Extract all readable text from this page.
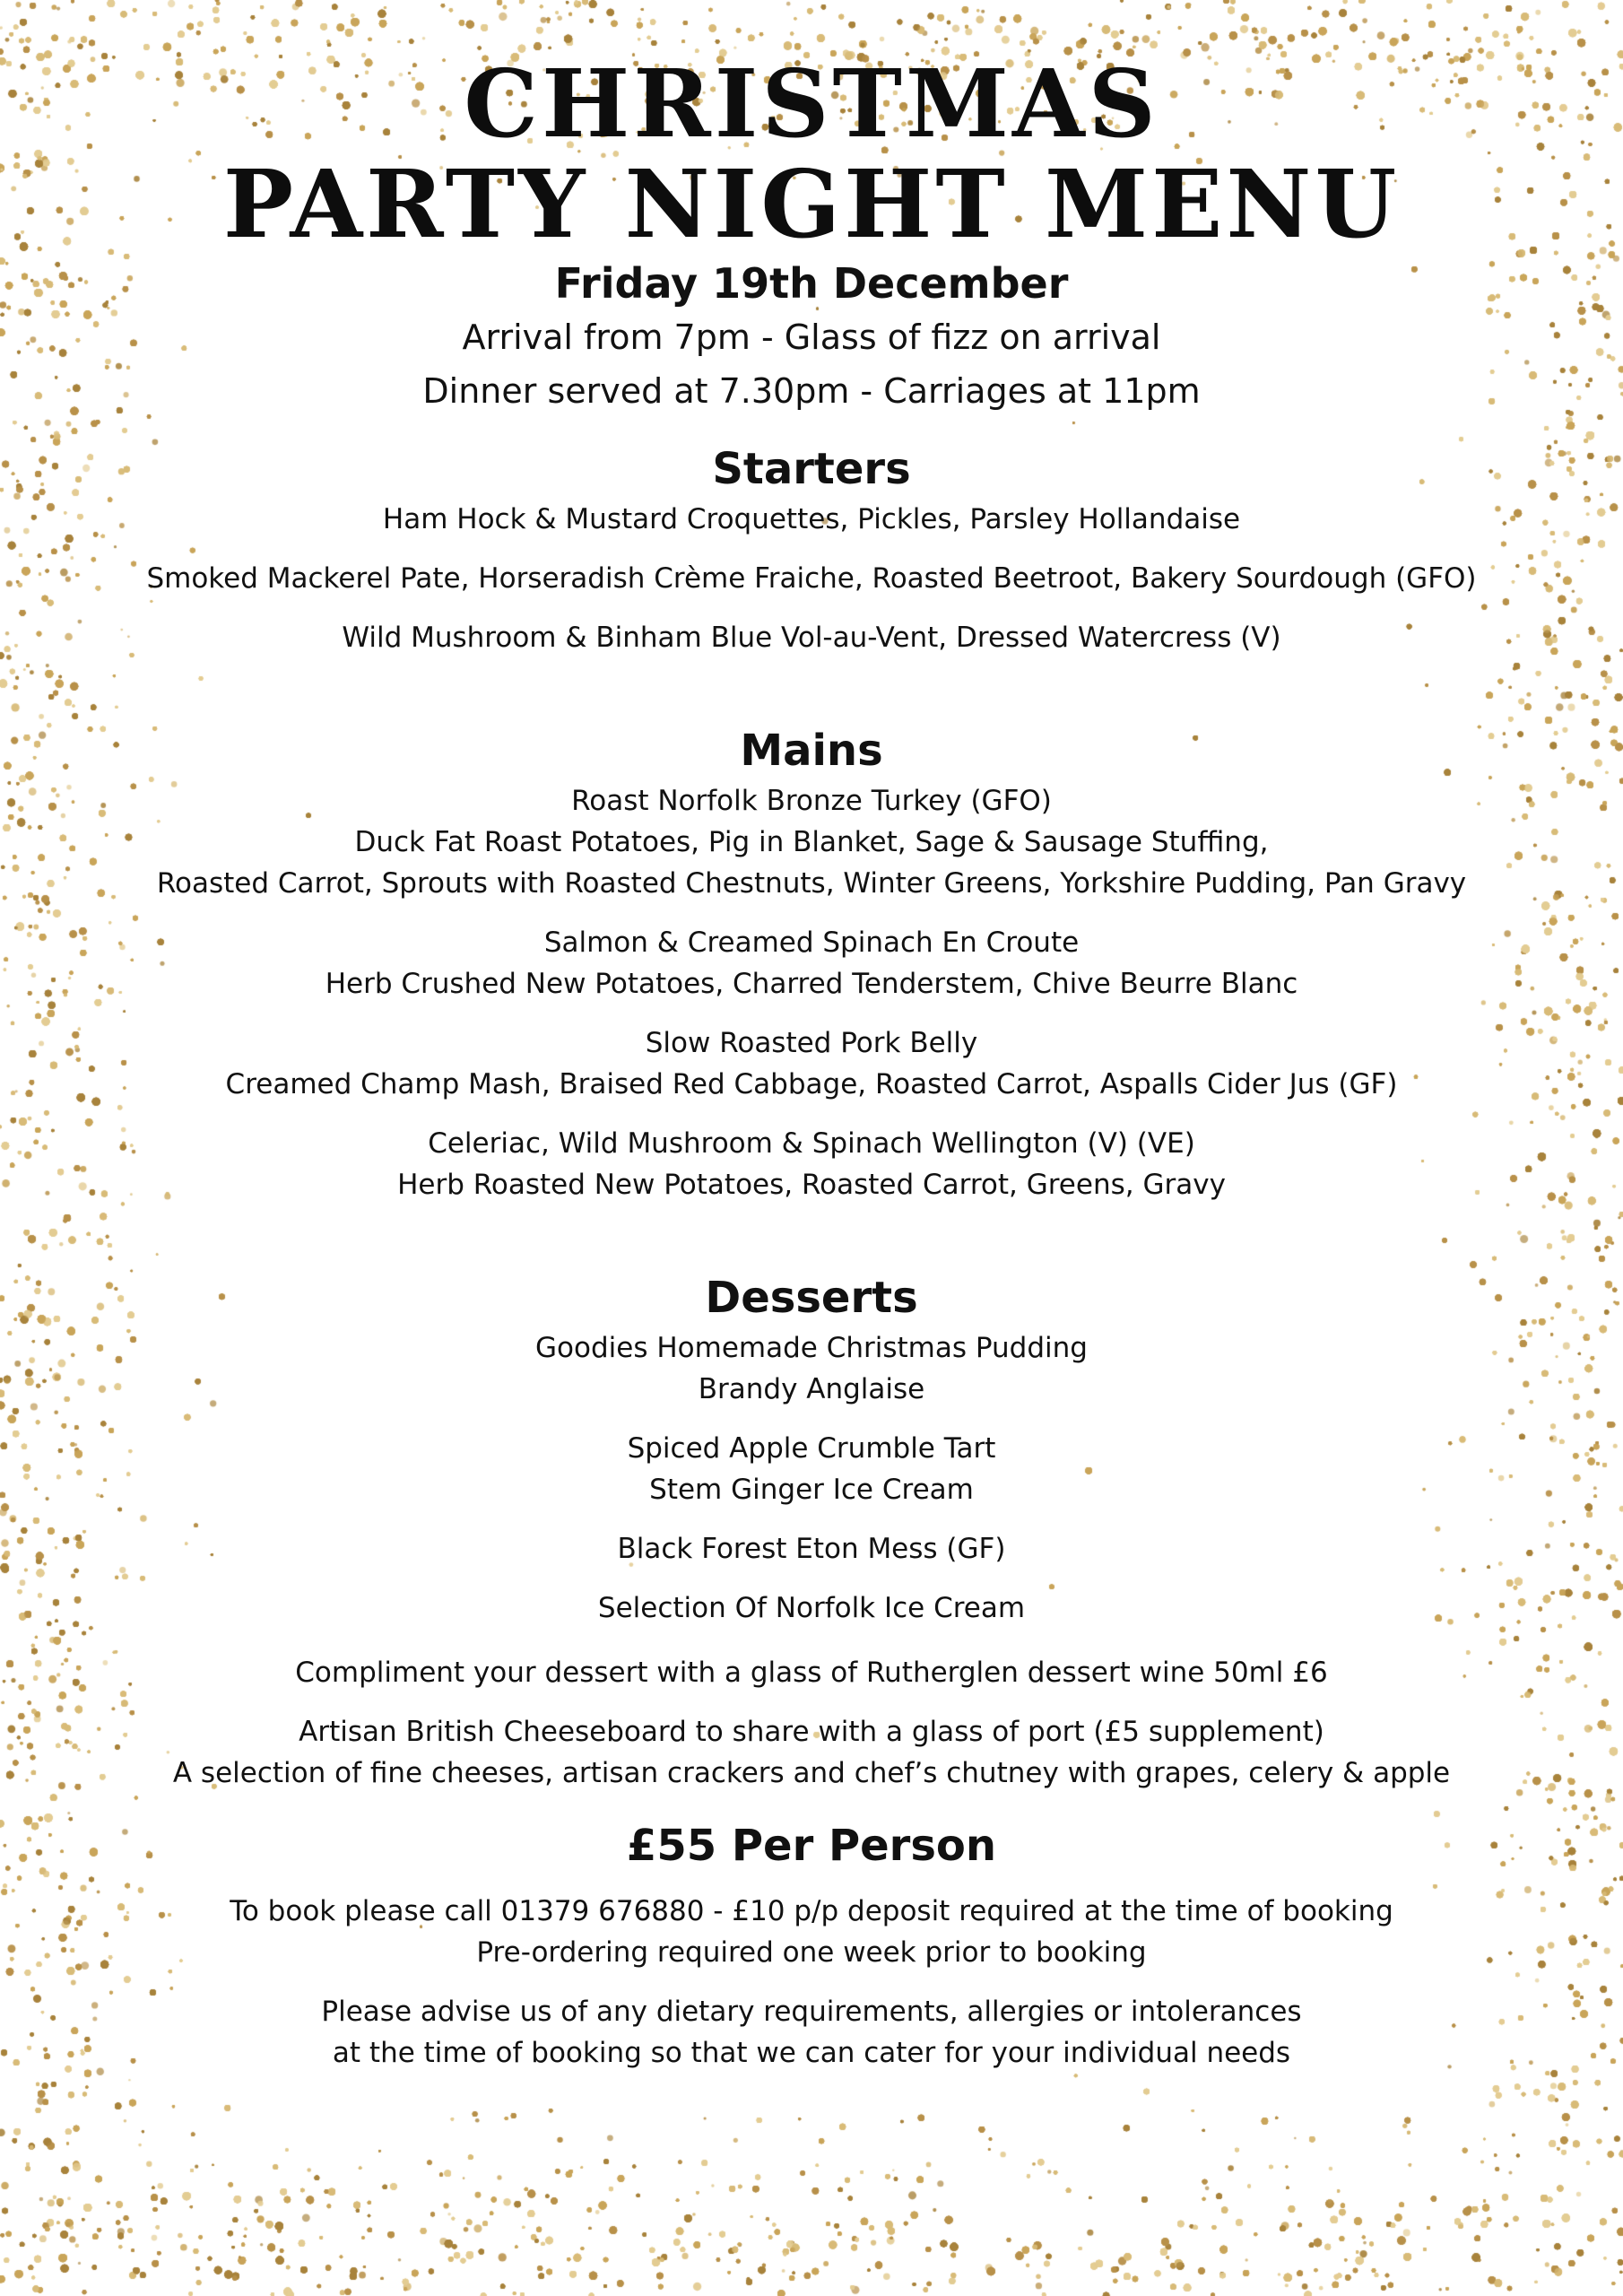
CHRISTMAS
PARTY NIGHT MENU
Friday 19th December
Arrival from 7pm - Glass of fizz on arrival
Dinner served at 7.30pm - Carriages at 11pm
Starters
Ham Hock & Mustard Croquettes, Pickles, Parsley Hollandaise
Smoked Mackerel Pate, Horseradish Crème Fraiche, Roasted Beetroot, Bakery Sourdough (GFO)
Wild Mushroom & Binham Blue Vol-au-Vent, Dressed Watercress (V)
Mains
Roast Norfolk Bronze Turkey (GFO)
Duck Fat Roast Potatoes, Pig in Blanket, Sage & Sausage Stuffing,
Roasted Carrot, Sprouts with Roasted Chestnuts, Winter Greens, Yorkshire Pudding, Pan Gravy
Salmon & Creamed Spinach En Croute
Herb Crushed New Potatoes, Charred Tenderstem, Chive Beurre Blanc
Slow Roasted Pork Belly
Creamed Champ Mash, Braised Red Cabbage, Roasted Carrot, Aspalls Cider Jus (GF)
Celeriac, Wild Mushroom & Spinach Wellington (V) (VE)
Herb Roasted New Potatoes, Roasted Carrot, Greens, Gravy
Desserts
Goodies Homemade Christmas Pudding
Brandy Anglaise
Spiced Apple Crumble Tart
Stem Ginger Ice Cream
Black Forest Eton Mess (GF)
Selection Of Norfolk Ice Cream
Compliment your dessert with a glass of Rutherglen dessert wine 50ml £6
Artisan British Cheeseboard to share with a glass of port (£5 supplement)
A selection of fine cheeses, artisan crackers and chef’s chutney with grapes, celery & apple
£55 Per Person
To book please call 01379 676880 - £10 p/p deposit required at the time of booking
Pre-ordering required one week prior to booking
Please advise us of any dietary requirements, allergies or intolerances
at the time of booking so that we can cater for your individual needs
